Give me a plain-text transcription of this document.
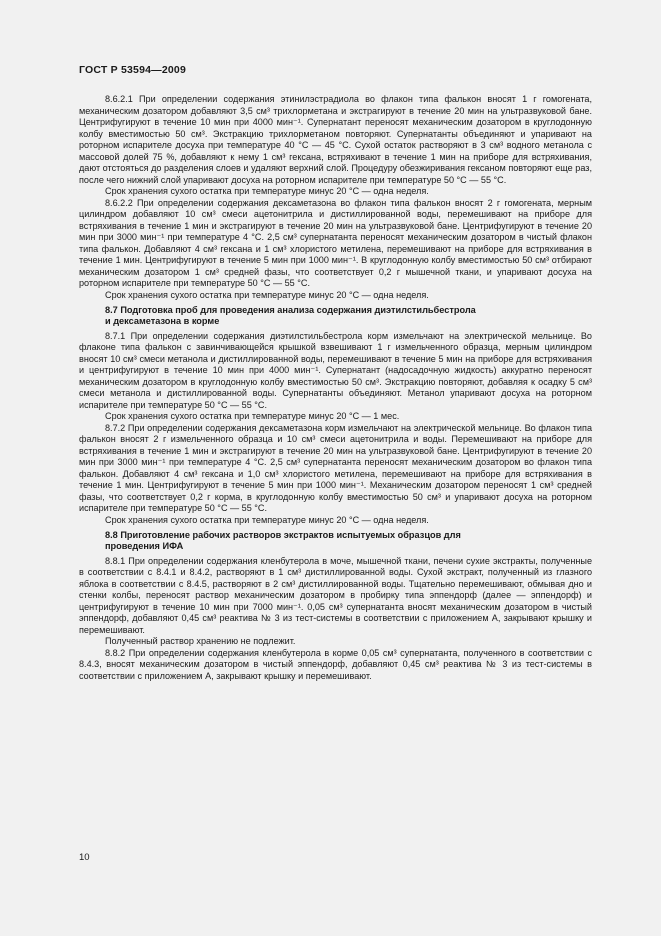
ГОСТ Р 53594—2009

8.6.2.1 При определении содержания этинилэстрадиола во флакон типа фалькон вносят 1 г гомогената, механическим дозатором добавляют 3,5 см³ трихлорметана и экстрагируют в течение 20 мин на ультразвуковой бане. Центрифугируют в течение 10 мин при 4000 мин⁻¹. Супернатант переносят механическим дозатором в круглодонную колбу вместимостью 50 см³. Экстракцию трихлорметаном повторяют. Супернатанты объединяют и упаривают на роторном испарителе досуха при температуре 40 °С — 45 °С. Сухой остаток растворяют в 3 см³ водного метанола с массовой долей 75 %, добавляют к нему 1 см³ гексана, встряхивают в течение 1 мин на приборе для встряхивания, дают отстояться до разделения слоев и удаляют верхний слой. Процедуру обезжиривания гексаном повторяют еще раз, после чего нижний слой упаривают досуха на роторном испарителе при температуре 50 °С — 55 °С.

Срок хранения сухого остатка при температуре минус 20 °С — одна неделя.

8.6.2.2 При определении содержания дексаметазона во флакон типа фалькон вносят 2 г гомогената, мерным цилиндром добавляют 10 см³ смеси ацетонитрила и дистиллированной воды, перемешивают на приборе для встряхивания в течение 1 мин и экстрагируют в течение 20 мин на ультразвуковой бане. Центрифугируют в течение 20 мин при 3000 мин⁻¹ при температуре 4 °С. 2,5 см³ супернатанта переносят механическим дозатором в чистый флакон типа фалькон. Добавляют 4 см³ гексана и 1 см³ хлористого метилена, перемешивают на приборе для встряхивания в течение 1 мин. Центрифугируют в течение 5 мин при 1000 мин⁻¹. В круглодонную колбу вместимостью 50 см³ отбирают механическим дозатором 1 см³ средней фазы, что соответствует 0,2 г мышечной ткани, и упаривают досуха на роторном испарителе при температуре 50 °С — 55 °С.

Срок хранения сухого остатка при температуре минус 20 °С — одна неделя.

8.7 Подготовка проб для проведения анализа содержания диэтилстильбестрола
и дексаметазона в корме

8.7.1 При определении содержания диэтилстильбестрола корм измельчают на электрической мельнице. Во флаконе типа фалькон с завинчивающейся крышкой взвешивают 1 г измельченного образца, мерным цилиндром вносят 10 см³ смеси метанола и дистиллированной воды, перемешивают в течение 5 мин на приборе для встряхивания и центрифугируют в течение 10 мин при 4000 мин⁻¹. Супернатант (надосадочную жидкость) аккуратно переносят механическим дозатором в круглодонную колбу вместимостью 50 см³. Экстракцию повторяют, добавляя к осадку 5 см³ смеси метанола и дистиллированной воды. Супернатанты объединяют. Метанол упаривают досуха на роторном испарителе при температуре 50 °С — 55 °С.

Срок хранения сухого остатка при температуре минус 20 °С — 1 мес.

8.7.2 При определении содержания дексаметазона корм измельчают на электрической мельнице. Во флакон типа фалькон вносят 2 г измельченного образца и 10 см³ смеси ацетонитрила и воды. Перемешивают на приборе для встряхивания в течение 1 мин и экстрагируют в течение 20 мин на ультразвуковой бане. Центрифугируют в течение 20 мин при 3000 мин⁻¹ при температуре 4 °С. 2,5 см³ супернатанта переносят механическим дозатором во флакон типа фалькон. Добавляют 4 см³ гексана и 1,0 см³ хлористого метилена, перемешивают на приборе для встряхивания в течение 1 мин. Центрифугируют в течение 5 мин при 1000 мин⁻¹. Механическим дозатором переносят 1 см³ средней фазы, что соответствует 0,2 г корма, в круглодонную колбу вместимостью 50 см³ и упаривают досуха на роторном испарителе при температуре 50 °С — 55 °С.

Срок хранения сухого остатка при температуре минус 20 °С — одна неделя.

8.8 Приготовление рабочих растворов экстрактов испытуемых образцов для
проведения ИФА

8.8.1 При определении содержания кленбутерола в моче, мышечной ткани, печени сухие экстракты, полученные в соответствии с 8.4.1 и 8.4.2, растворяют в 1 см³ дистиллированной воды. Сухой экстракт, полученный из глазного яблока в соответствии с 8.4.5, растворяют в 2 см³ дистиллированной воды. Тщательно перемешивают, обмывая дно и стенки колбы, переносят раствор механическим дозатором в пробирку типа эппендорф (далее — эппендорф) и центрифугируют в течение 10 мин при 7000 мин⁻¹. 0,05 см³ супернатанта вносят механическим дозатором в чистый эппендорф, добавляют 0,45 см³ реактива № 3 из тест-системы в соответствии с приложением А, закрывают крышку и перемешивают.

Полученный раствор хранению не подлежит.

8.8.2 При определении содержания кленбутерола в корме 0,05 см³ супернатанта, полученного в соответствии с 8.4.3, вносят механическим дозатором в чистый эппендорф, добавляют 0,45 см³ реактива № 3 из тест-системы в соответствии с приложением А, закрывают крышку и перемешивают.

10
